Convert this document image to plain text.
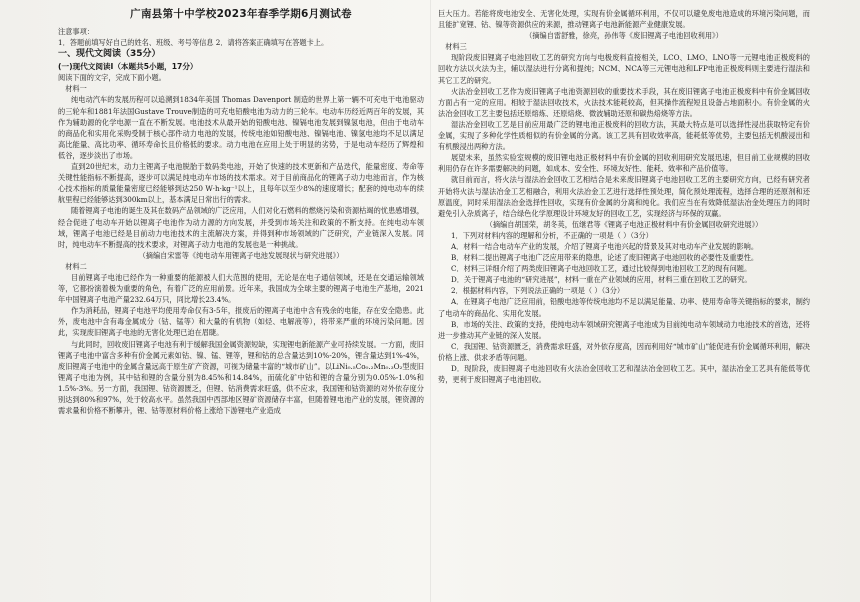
广南县第十中学校2023年春季学期6月测试卷

注意事项：

1．答题前填写好自己的姓名、班级、考号等信息 2．请将答案正确填写在答题卡上。

一、现代文阅读（35分）

(一)现代文阅读Ⅰ（本题共5小题，17分）

阅读下面的文字，完成下面小题。

材料一

纯电动汽车的发展历程可以追溯到1834年美国 Thomas Davenport 制造的世界上第一辆不可充电干电池驱动的三轮车和1881年法国Gustave Trouve制造的可充电铅酸电池为动力的三轮车。电动车历经近两百年的发展，其作为辅助源的化学电源一直在不断发展。电池技术从最开始的铅酸电池、镍镉电池发展到镍氢电池，但由于电动车的商品化和实用化采购受制于核心部件动力电池的发展，传统电池如铅酸电池、镍镉电池、镍氢电池均不足以满足高比能量、高比功率、循环寿命长且价格低的要求。动力电池在应用上处于明显的劣势，于是电动车经历了辉煌和低谷，逐步淡出了市场。

直到20世纪末，动力主锂离子电池脱胎于数码类电池，开始了快速的技术更新和产品迭代，能量密度、寿命等关键性能指标不断提高，逐步可以满足纯电动车市场的技术需求。对于目前商品化的锂离子动力电池而言，作为核心技术指标的质量能量密度已经能够到达250 W·h·kg⁻¹以上，且每年以至少8%的速度增长；配套的纯电动车的续航里程已经能够达到300km以上，基本满足日常出行的需求。

随着锂离子电池的诞生及其在数码产品领域的广泛应用，人们对化石燃料的燃烧污染和资源枯竭的忧患感增强，经合促进了电动车开始以锂离子电池作为动力源的方向发展，并受到市场关注和政策的不断支持。在纯电动车领域，锂离子电池已经是目前动力电池技术的主流解决方案，并得到种市场领域的广泛研究，产业链深入发展。同时，纯电动车不断提高的技术要求，对锂离子动力电池的发展也是一种挑战。

（摘编自宋雷等《纯电动车用锂离子电池发展现状与研究进展》）

材料二

目前锂离子电池已经作为一种重要的能源被人们大范围的使用，无论是在电子通信领域，还是在交通运输领域等，它都扮演着极为重要的角色，有着广泛的应用前景。近年来，我国成为全球主要的锂离子电池生产基地，2021年中国锂离子电池产量232.64万只，同比增长23.4%。

作为消耗品，锂离子电池平均使用寿命仅有3-5年，报废后的锂离子电池中含有残余的电能，存在安全隐患。此外，废电池中含有毒金属成分（钴、锰等）和大量的有机物（如烃、电解液等），将带来严重的环境污染问题。因此，实现废旧锂离子电池的无害化处理已迫在眉睫。

与此同时，回收废旧锂离子电池有利于缓解我国金属资源短缺，实现锂电新能源产业可持续发展。一方面，废旧锂离子电池中富含多种有价金属元素如钴、镍、锰、锂等，锂和钴的总含量达到10%-20%，锂含量达到1%-4%，废旧锂离子电池中的金属含量远高于原生矿产资源，可视为储量丰富的“城市矿山”。以LiNi₀.₅Co₀.₂Mn₀.₃O₂型废旧锂离子电池为例，其中钴和锂的含量分别为8.45%和14.84%，而硫化矿中钴和锂的含量分别为0.05%-1.0%和1.5%-3%。另一方面，我国锂、钴资源匮乏，但锂、钴消费需求旺盛，供不应求，我国锂和钴资源的对外依存度分别达到80%和97%，处于较高水平。虽然我国中西部地区锂矿资源储存丰富，但随着锂电池产业的发展，锂资源的需求量和价格不断攀升，锂、钴等原材料价格上涨给下游锂电产业造成

巨大压力。若能将废电池安全、无害化处理，实现有价金属循环利用，不仅可以避免废电池造成的环境污染问题，而且能扩宽锂、钴、镍等资源供应的来源，推动锂离子电池新能源产业健康发展。

（摘编自雷舒雅，徐亮，孙伟等《废旧锂离子电池回收利用》）

材料三

现阶段废旧锂离子电池回收工艺的研究方向与电极废料直接相关，LCO、LMO、LNO等一元锂电池正极废料的回收方法以火法为主，辅以湿法进行分离和提纯；NCM、NCA等三元锂电池和LFP电池正极废料则主要进行湿法和其它工艺的研究。

火法冶金回收工艺作为废旧锂离子电池资源回收的重要技术手段，其在废旧锂离子电池正极废料中有价金属回收方面占有一定的应用。相较于湿法回收技术，火法技术能耗较高，但其操作流程短且设备占地面积小。有价金属的火法冶金回收工艺主要包括还原熔炼、还原焙烧、微波辅助还原和碳热焙烧等方法。

湿法冶金回收工艺是目前应用最广泛的锂电池正极废料的回收方法，其最大特点是可以选择性浸出获取特定有价金属，实现了多种化学性质相似的有价金属的分离。该工艺具有回收效率高，能耗低等优势，主要包括无机酸浸出和有机酸浸出两种方法。

展望未来，虽然实验室规模的废旧锂电池正极材料中有价金属的回收利用研究发展迅速，但目前工业规模的回收利用仍存在许多需要解决的问题，如成本、安全性、环境友好性、能耗、效率和产品价值等。

就目前而言，将火法与湿法冶金回收工艺相结合是未来废旧锂离子电池回收工艺的主要研究方向，已经有研究者开始将火法与湿法冶金工艺相融合，利用火法冶金工艺进行选择性预处理，简化预处理流程，选择合理的还原剂和还原温度，同时采用湿法冶金选择性回收，实现有价金属的分离和纯化。我们应当在有效降低湿法冶金处理压力的同时避免引入杂质离子，结合绿色化学原理设计环境友好的回收工艺，实现经济与环保的双赢。

（摘编自胡国荣，胡冬英，伍继君等《锂离子电池正极材料中有价金属回收研究进展》）

1．下列对材料内容的理解和分析，不正确的一项是（ ）（3分）

A．材料一结合电动车产业的发展，介绍了锂离子电池兴起的背景及其对电动车产业发展的影响。

B．材料二提出锂离子电池广泛应用带来的隐患，论述了废旧锂离子电池回收的必要性及重要性。

C．材料三详细介绍了两类废旧锂离子电池回收工艺，通过比较得到电池回收工艺的现有问题。

D．关于锂离子电池的“研究进展”，材料一重在产业领域的应用，材料三重在回收工艺的研究。

2．根据材料内容，下列说法正确的一项是（ ）（3分）

A．在锂离子电池广泛应用前，铅酸电池等传统电池均不足以满足能量、功率、使用寿命等关键指标的要求，制约了电动车的商品化、实用化发展。

B．市场的关注、政策的支持，使纯电动车领域研究锂离子电池成为目前纯电动车领域动力电池技术的首选，还将进一步推动其产业链的深入发展。

C．我国锂、钴资源匮乏，消费需求旺盛，对外依存度高，因而利用好“城市矿山”能促进有价金属循环利用，解决价格上涨、供求矛盾等问题。

D．现阶段，废旧锂离子电池回收有火法冶金回收工艺和湿法冶金回收工艺。其中，湿法冶金工艺具有能低等优势，更利于废旧锂离子电池回收。
